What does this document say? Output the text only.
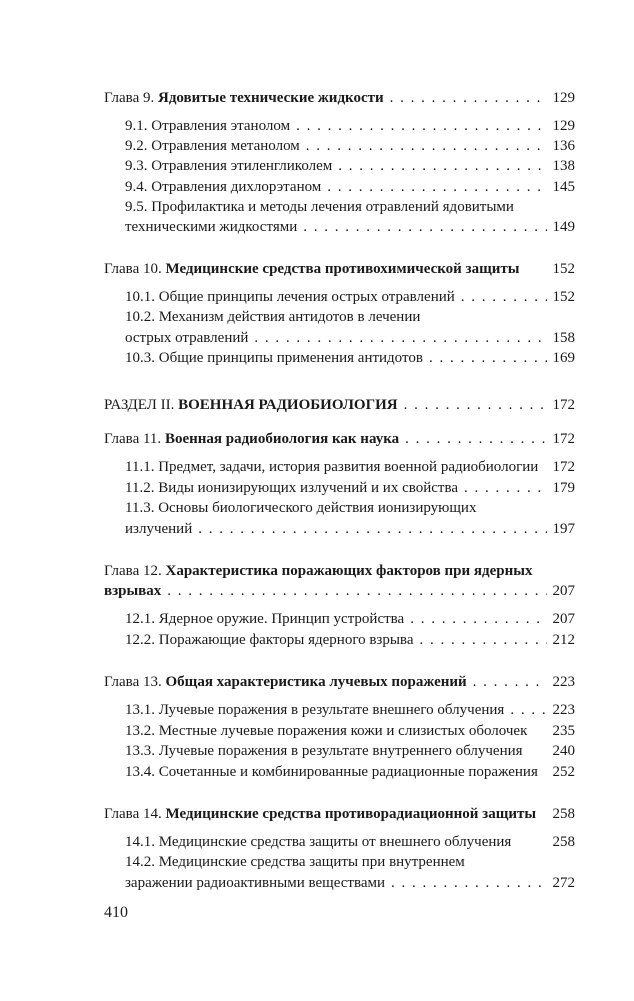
Глава 9. Ядовитые технические жидкости . . .	129
9.1. Отравления этанолом . . .	129
9.2. Отравления метанолом . . .	136
9.3. Отравления этиленгликолем . . .	138
9.4. Отравления дихлорэтаном . . .	145
9.5. Профилактика и методы лечения отравлений ядовитыми
техническими жидкостями . . .	149
Глава 10. Медицинские средства противохимической защиты 152
10.1. Общие принципы лечения острых отравлений . . .	152
10.2. Механизм действия антидотов в лечении
острых отравлений . . .	158
10.3. Общие принципы применения антидотов . . .	169
РАЗДЕЛ II. ВОЕННАЯ РАДИОБИОЛОГИЯ . . .	172
Глава 11. Военная радиобиология как наука . . .	172
11.1. Предмет, задачи, история развития военной радиобиологии 172
11.2. Виды ионизирующих излучений и их свойства . . .	179
11.3. Основы биологического действия ионизирующих
излучений . . .	197
Глава 12. Характеристика поражающих факторов при ядерных
взрывах . . .	207
12.1. Ядерное оружие. Принцип устройства . . .	207
12.2. Поражающие факторы ядерного взрыва . . .	212
Глава 13. Общая характеристика лучевых поражений . . .	223
13.1. Лучевые поражения в результате внешнего облучения . . .	223
13.2. Местные лучевые поражения кожи и слизистых оболочек 235
13.3. Лучевые поражения в результате внутреннего облучения 240
13.4. Сочетанные и комбинированные радиационные поражения 252
Глава 14. Медицинские средства противорадиационной защиты 258
14.1. Медицинские средства защиты от внешнего облучения	258
14.2. Медицинские средства защиты при внутреннем
заражении радиоактивными веществами . . .	272
410
